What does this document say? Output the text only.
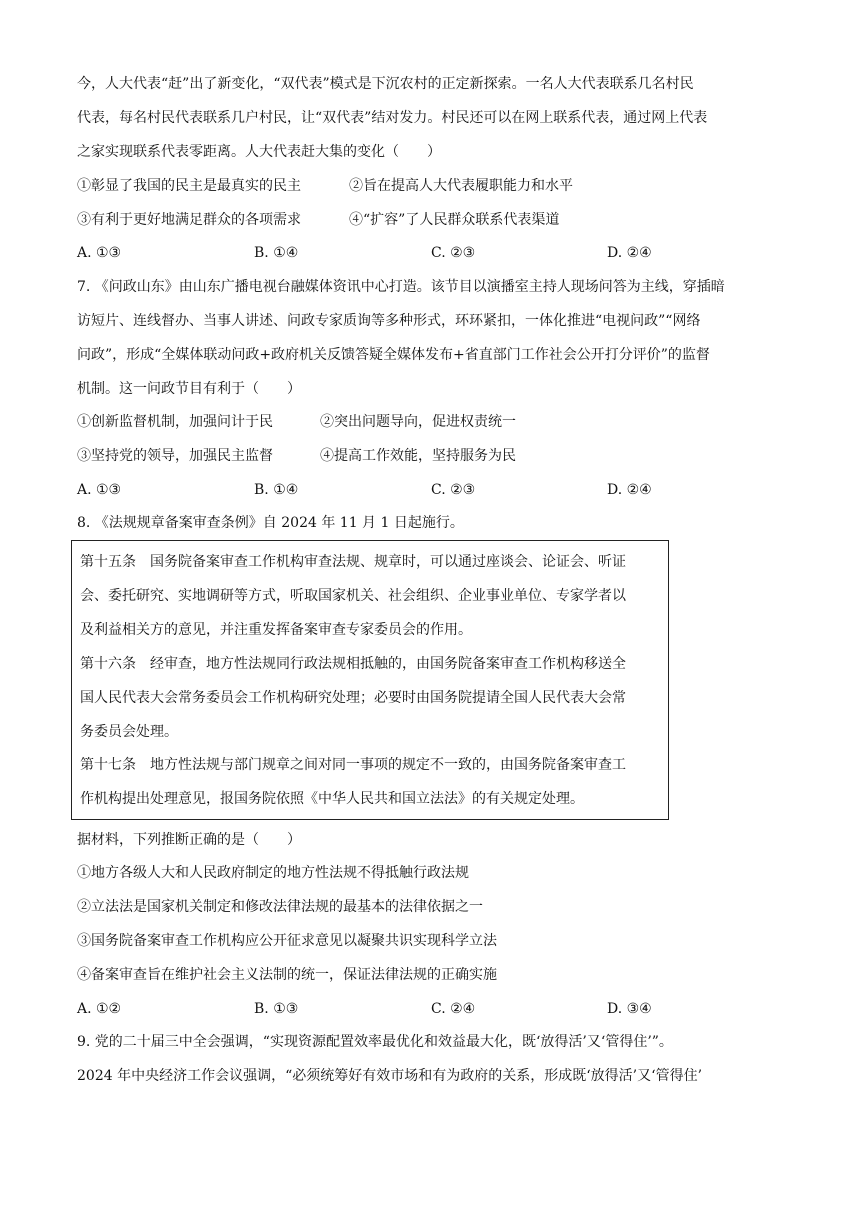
今，人大代表“赶”出了新变化，“双代表”模式是下沉农村的正定新探索。一名人大代表联系几名村民
代表，每名村民代表联系几户村民，让“双代表”结对发力。村民还可以在网上联系代表，通过网上代表
之家实现联系代表零距离。人大代表赶大集的变化（　　）
①彰显了我国的民主是最真实的民主	②旨在提高人大代表履职能力和水平
③有利于更好地满足群众的各项需求	④“扩容”了人民群众联系代表渠道
A. ①③	B. ①④	C. ②③	D. ②④
7. 《问政山东》由山东广播电视台融媒体资讯中心打造。该节目以演播室主持人现场问答为主线，穿插暗
访短片、连线督办、当事人讲述、问政专家质询等多种形式，环环紧扣，一体化推进“电视问政”“网络
问政”，形成“全媒体联动问政+政府机关反馈答疑全媒体发布+省直部门工作社会公开打分评价”的监督
机制。这一问政节目有利于（　　）
①创新监督机制，加强问计于民	②突出问题导向，促进权责统一
③坚持党的领导，加强民主监督	④提高工作效能，坚持服务为民
A. ①③	B. ①④	C. ②③	D. ②④
8. 《法规规章备案审查条例》自 2024 年 11 月 1 日起施行。
第十五条　国务院备案审查工作机构审查法规、规章时，可以通过座谈会、论证会、听证
会、委托研究、实地调研等方式，听取国家机关、社会组织、企业事业单位、专家学者以
及利益相关方的意见，并注重发挥备案审查专家委员会的作用。
第十六条　经审查，地方性法规同行政法规相抵触的，由国务院备案审查工作机构移送全
国人民代表大会常务委员会工作机构研究处理；必要时由国务院提请全国人民代表大会常
务委员会处理。
第十七条　地方性法规与部门规章之间对同一事项的规定不一致的，由国务院备案审查工
作机构提出处理意见，报国务院依照《中华人民共和国立法法》的有关规定处理。
据材料，下列推断正确的是（　　）
①地方各级人大和人民政府制定的地方性法规不得抵触行政法规
②立法法是国家机关制定和修改法律法规的最基本的法律依据之一
③国务院备案审查工作机构应公开征求意见以凝聚共识实现科学立法
④备案审查旨在维护社会主义法制的统一，保证法律法规的正确实施
A. ①②	B. ①③	C. ②④	D. ③④
9. 党的二十届三中全会强调，“实现资源配置效率最优化和效益最大化，既‘放得活’又‘管得住’”。
2024 年中央经济工作会议强调，“必须统筹好有效市场和有为政府的关系，形成既‘放得活’又‘管得住’
